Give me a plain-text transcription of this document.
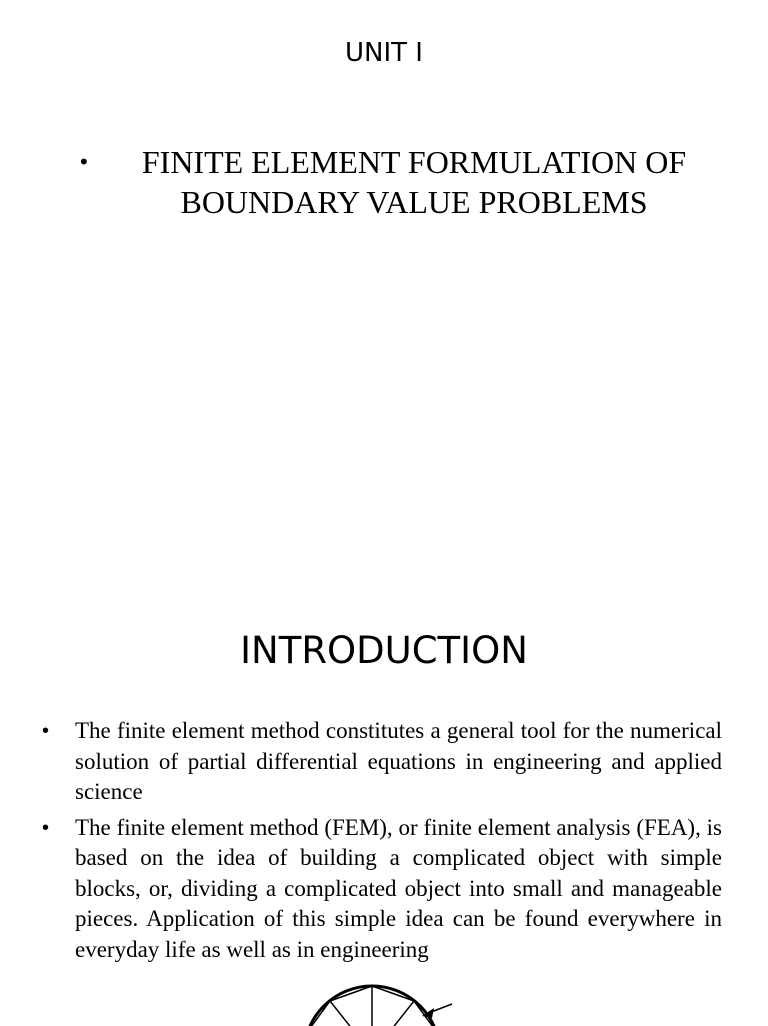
UNIT I
•	FINITE ELEMENT FORMULATION OF BOUNDARY VALUE PROBLEMS
INTRODUCTION
• The finite element method constitutes a general tool for the numerical solution of partial differential equations in engineering and applied science
• The finite element method (FEM), or finite element analysis (FEA), is based on the idea of building a complicated object with simple blocks, or, dividing a complicated object into small and manageable pieces. Application of this simple idea can be found everywhere in everyday life as well as in engineering
